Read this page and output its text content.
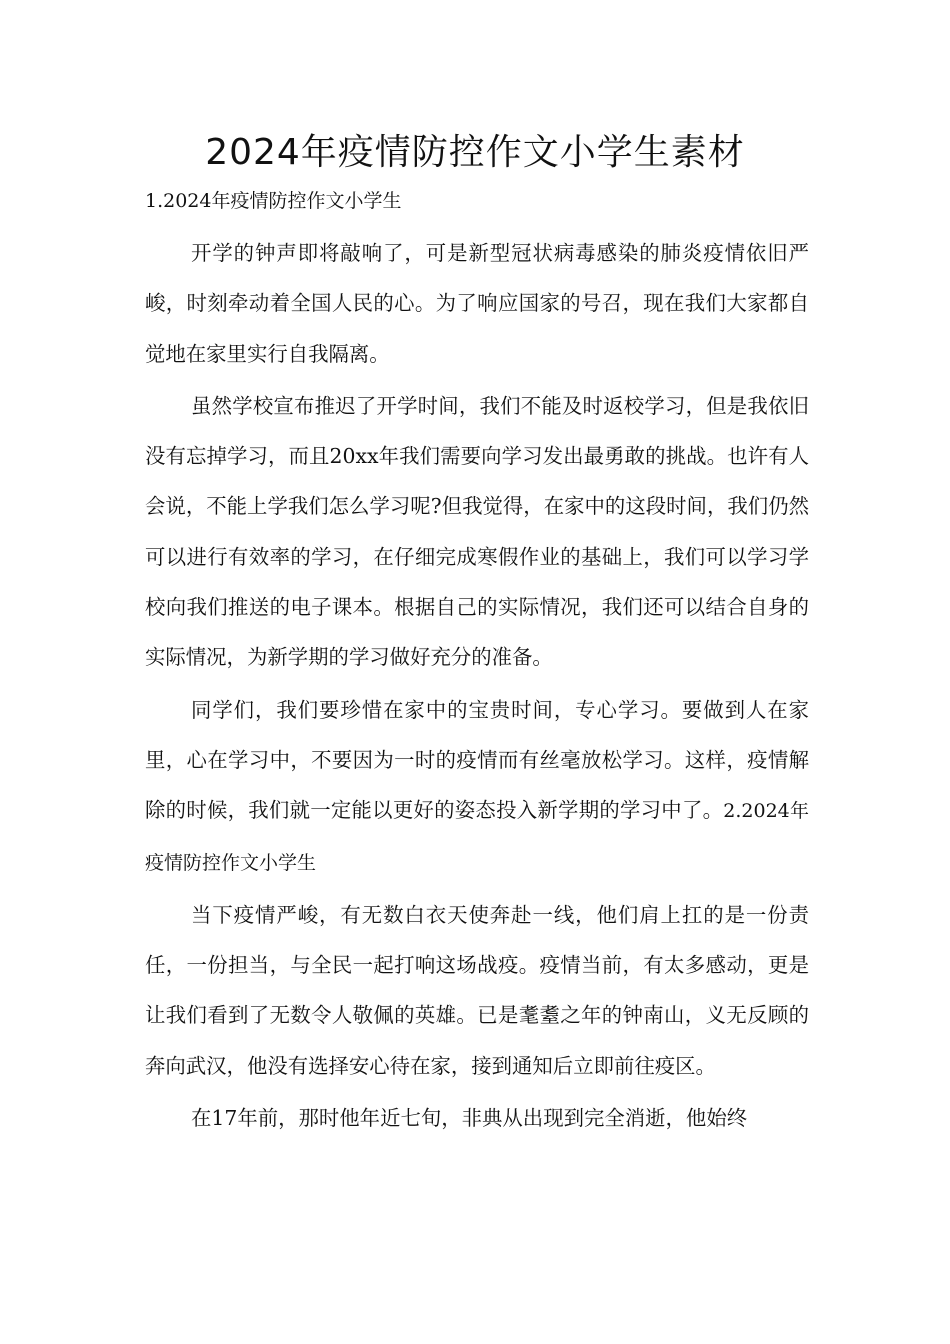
2024年疫情防控作文小学生素材
1.2024年疫情防控作文小学生

开学的钟声即将敲响了，可是新型冠状病毒感染的肺炎疫情依旧严峻，时刻牵动着全国人民的心。为了响应国家的号召，现在我们大家都自觉地在家里实行自我隔离。

虽然学校宣布推迟了开学时间，我们不能及时返校学习，但是我依旧没有忘掉学习，而且20xx年我们需要向学习发出最勇敢的挑战。也许有人会说，不能上学我们怎么学习呢?但我觉得，在家中的这段时间，我们仍然可以进行有效率的学习，在仔细完成寒假作业的基础上，我们可以学习学校向我们推送的电子课本。根据自己的实际情况，我们还可以结合自身的实际情况，为新学期的学习做好充分的准备。

同学们，我们要珍惜在家中的宝贵时间，专心学习。要做到人在家里，心在学习中，不要因为一时的疫情而有丝毫放松学习。这样，疫情解除的时候，我们就一定能以更好的姿态投入新学期的学习中了。2.2024年疫情防控作文小学生

当下疫情严峻，有无数白衣天使奔赴一线，他们肩上扛的是一份责任，一份担当，与全民一起打响这场战疫。疫情当前，有太多感动，更是让我们看到了无数令人敬佩的英雄。已是耄耋之年的钟南山，义无反顾的奔向武汉，他没有选择安心待在家，接到通知后立即前往疫区。

在17年前，那时他年近七旬，非典从出现到完全消逝，他始终
